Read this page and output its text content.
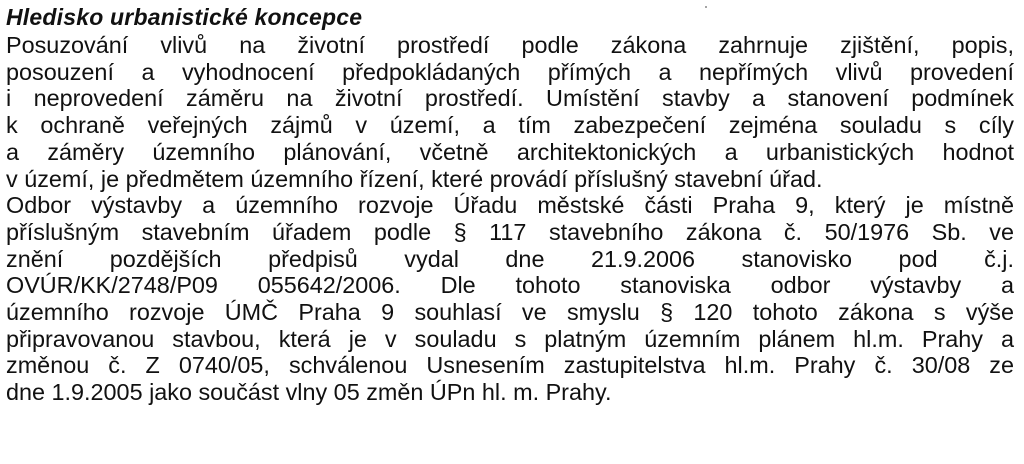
Hledisko urbanistické koncepce

Posuzování vlivů na životní prostředí podle zákona zahrnuje zjištění, popis,
posouzení a vyhodnocení předpokládaných přímých a nepřímých vlivů provedení
i neprovedení záměru na životní prostředí. Umístění stavby a stanovení podmínek
k ochraně veřejných zájmů v území, a tím zabezpečení zejména souladu s cíly
a záměry územního plánování, včetně architektonických a urbanistických hodnot
v území, je předmětem územního řízení, které provádí příslušný stavební úřad.

Odbor výstavby a územního rozvoje Úřadu městské části Praha 9, který je místně
příslušným stavebním úřadem podle § 117 stavebního zákona č. 50/1976 Sb. ve
znění pozdějších předpisů vydal dne 21.9.2006 stanovisko pod č.j.
OVÚR/KK/2748/P09 055642/2006. Dle tohoto stanoviska odbor výstavby a
územního rozvoje ÚMČ Praha 9 souhlasí ve smyslu § 120 tohoto zákona s výše
připravovanou stavbou, která je v souladu s platným územním plánem hl.m. Prahy a
změnou č. Z 0740/05, schválenou Usnesením zastupitelstva hl.m. Prahy č. 30/08 ze
dne 1.9.2005 jako součást vlny 05 změn ÚPn hl. m. Prahy.
